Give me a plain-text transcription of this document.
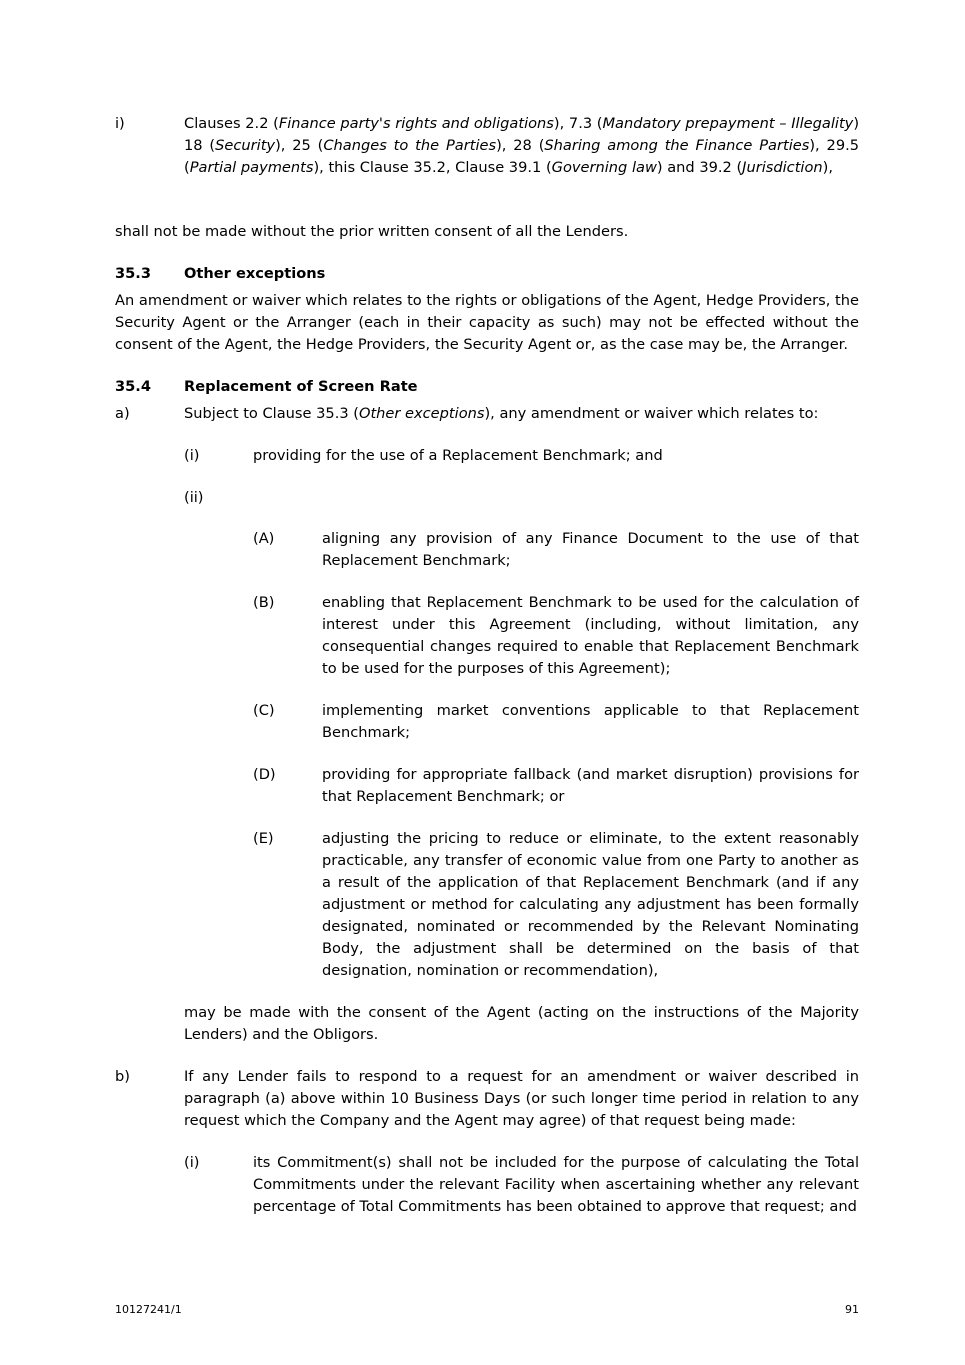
i)	Clauses 2.2 (Finance party's rights and obligations), 7.3 (Mandatory prepayment – Illegality) 18 (Security), 25 (Changes to the Parties), 28 (Sharing among the Finance Parties), 29.5 (Partial payments), this Clause 35.2, Clause 39.1 (Governing law) and 39.2 (Jurisdiction),

shall not be made without the prior written consent of all the Lenders.

35.3 Other exceptions

An amendment or waiver which relates to the rights or obligations of the Agent, Hedge Providers, the Security Agent or the Arranger (each in their capacity as such) may not be effected without the consent of the Agent, the Hedge Providers, the Security Agent or, as the case may be, the Arranger.

35.4 Replacement of Screen Rate

a)	Subject to Clause 35.3 (Other exceptions), any amendment or waiver which relates to:

(i)	providing for the use of a Replacement Benchmark; and

(ii)

(A)	aligning any provision of any Finance Document to the use of that Replacement Benchmark;

(B)	enabling that Replacement Benchmark to be used for the calculation of interest under this Agreement (including, without limitation, any consequential changes required to enable that Replacement Benchmark to be used for the purposes of this Agreement);

(C)	implementing market conventions applicable to that Replacement Benchmark;

(D)	providing for appropriate fallback (and market disruption) provisions for that Replacement Benchmark; or

(E)	adjusting the pricing to reduce or eliminate, to the extent reasonably practicable, any transfer of economic value from one Party to another as a result of the application of that Replacement Benchmark (and if any adjustment or method for calculating any adjustment has been formally designated, nominated or recommended by the Relevant Nominating Body, the adjustment shall be determined on the basis of that designation, nomination or recommendation),

may be made with the consent of the Agent (acting on the instructions of the Majority Lenders) and the Obligors.

b)	If any Lender fails to respond to a request for an amendment or waiver described in paragraph (a) above within 10 Business Days (or such longer time period in relation to any request which the Company and the Agent may agree) of that request being made:

(i)	its Commitment(s) shall not be included for the purpose of calculating the Total Commitments under the relevant Facility when ascertaining whether any relevant percentage of Total Commitments has been obtained to approve that request; and

10127241/1	91
